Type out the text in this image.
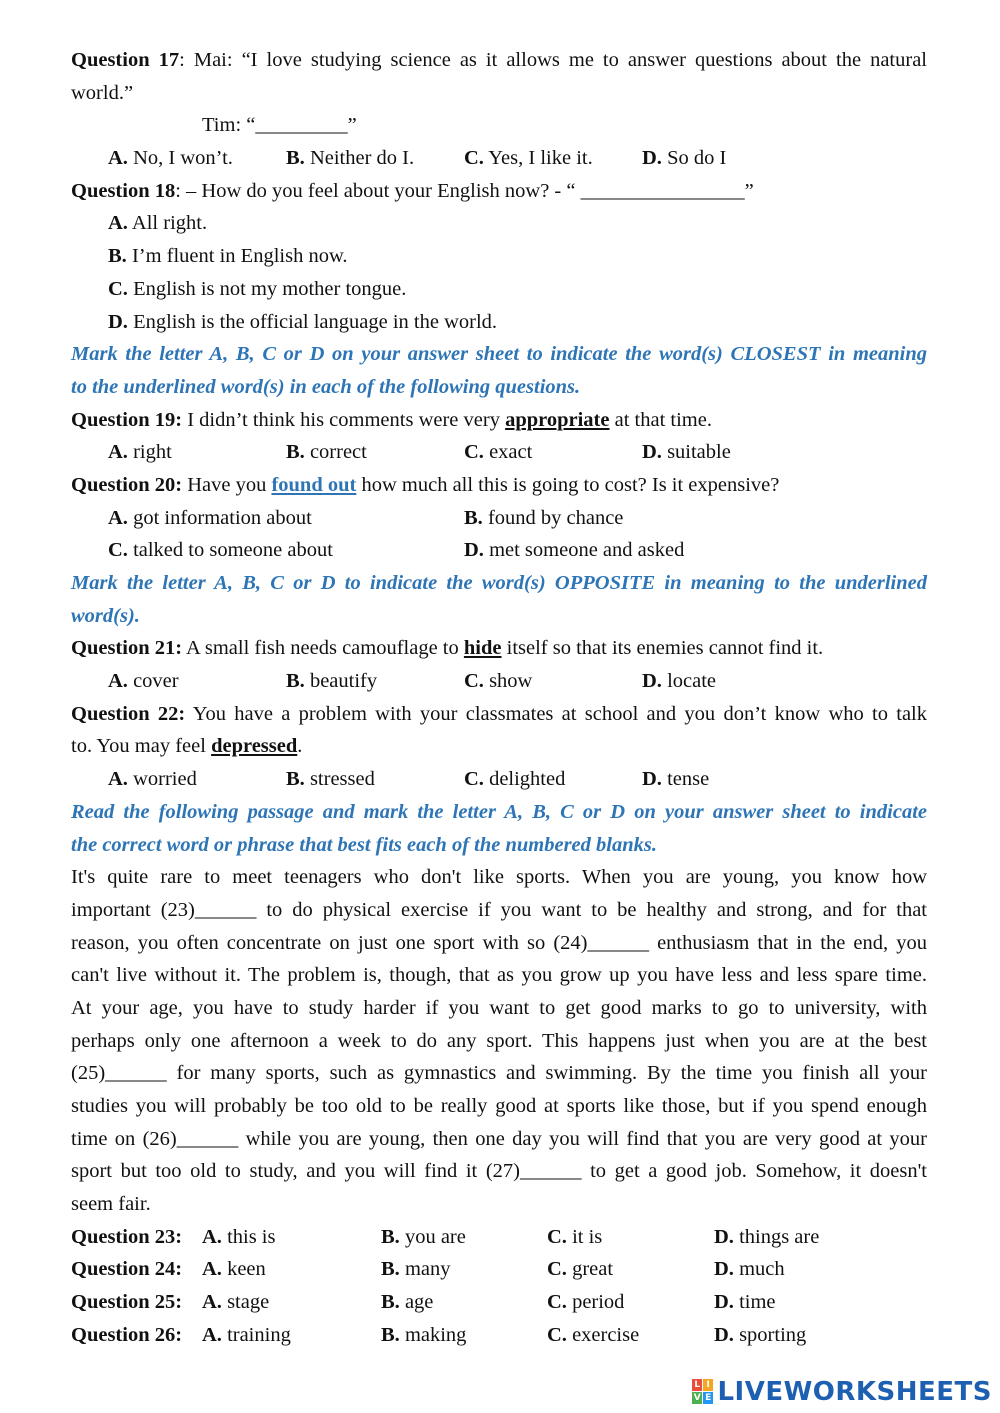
Question 17: Mai: “I love studying science as it allows me to answer questions about the natural
world.”
Tim: “_________”
A. No, I won’t.	B. Neither do I. C. Yes, I like it. D. So do I
Question 18: – How do you feel about your English now? - “ ________________”
A. All right.
B. I’m fluent in English now.
C. English is not my mother tongue.
D. English is the official language in the world.
Mark the letter A, B, C or D on your answer sheet to indicate the word(s) CLOSEST in meaning
to the underlined word(s) in each of the following questions.
Question 19: I didn’t think his comments were very appropriate at that time.
A. right	B. correct	C. exact	D. suitable
Question 20: Have you found out how much all this is going to cost? Is it expensive?
A. got information about	B. found by chance
C. talked to someone about	D. met someone and asked
Mark the letter A, B, C or D to indicate the word(s) OPPOSITE in meaning to the underlined
word(s).
Question 21: A small fish needs camouflage to hide itself so that its enemies cannot find it.
A. cover	B. beautify	C. show	D. locate
Question 22: You have a problem with your classmates at school and you don’t know who to talk
to. You may feel depressed.
A. worried	B. stressed	C. delighted	D. tense
Read the following passage and mark the letter A, B, C or D on your answer sheet to indicate
the correct word or phrase that best fits each of the numbered blanks.
It's quite rare to meet teenagers who don't like sports. When you are young, you know how
important (23)______ to do physical exercise if you want to be healthy and strong, and for that
reason, you often concentrate on just one sport with so (24)______ enthusiasm that in the end, you
can't live without it. The problem is, though, that as you grow up you have less and less spare time.
At your age, you have to study harder if you want to get good marks to go to university, with
perhaps only one afternoon a week to do any sport. This happens just when you are at the best
(25)______ for many sports, such as gymnastics and swimming. By the time you finish all your
studies you will probably be too old to be really good at sports like those, but if you spend enough
time on (26)______ while you are young, then one day you will find that you are very good at your
sport but too old to study, and you will find it (27)______ to get a good job. Somehow, it doesn't
seem fair.
Question 23: A. this is	B. you are	C. it is	D. things are
Question 24: A. keen	B. many	C. great	D. much
Question 25: A. stage	B. age	C. period	D. time
Question 26: A. training	B. making	C. exercise	D. sporting
L I
V E LIVEWORKSHEETS
